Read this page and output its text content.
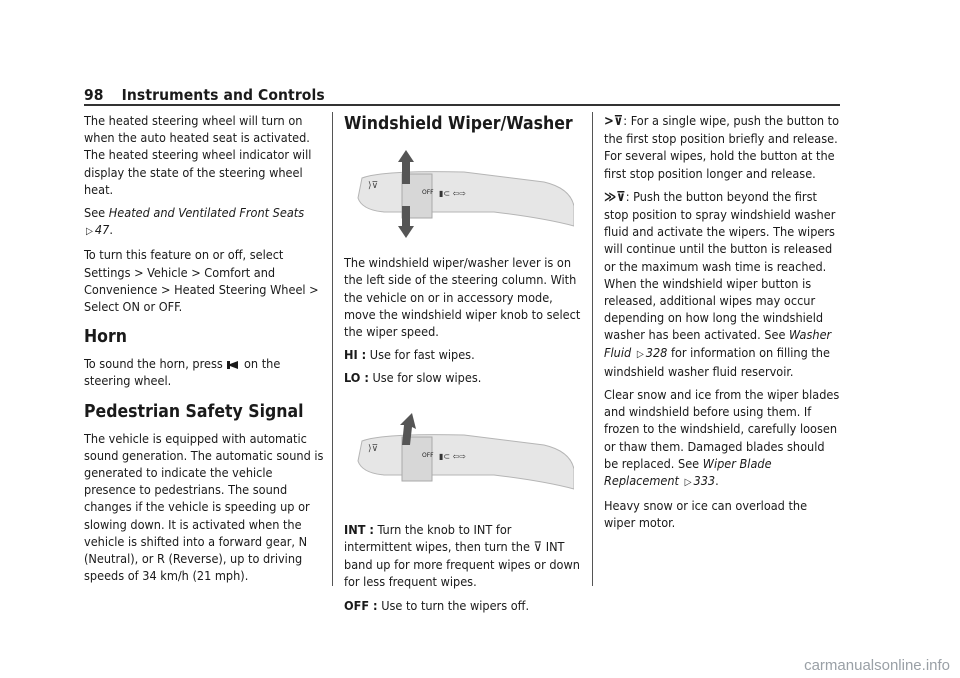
98 Instruments and Controls

The heated steering wheel will turn on when the auto heated seat is activated. The heated steering wheel indicator will display the state of the steering wheel heat.

See Heated and Ventilated Front Seats ▷ 47.

To turn this feature on or off, select Settings > Vehicle > Comfort and Convenience > Heated Steering Wheel > Select ON or OFF.

Horn

To sound the horn, press on the steering wheel.

Pedestrian Safety Signal

The vehicle is equipped with automatic sound generation. The automatic sound is generated to indicate the vehicle presence to pedestrians. The sound changes if the vehicle is speeding up or slowing down. It is activated when the vehicle is shifted into a forward gear, N (Neutral), or R (Reverse), up to driving speeds of 34 km/h (21 mph).

Windshield Wiper/Washer
OFF ▮⊂ ⇦⇨
⟩⊽

The windshield wiper/washer lever is on the left side of the steering column. With the vehicle on or in accessory mode, move the windshield wiper knob to select the wiper speed.

HI : Use for fast wipes.

LO : Use for slow wipes.

OFF ▮⊂ ⇦⇨
⟩⊽

INT : Turn the knob to INT for intermittent wipes, then turn the ⊽ INT band up for more frequent wipes or down for less frequent wipes.

OFF : Use to turn the wipers off.

>⊽: For a single wipe, push the button to the first stop position briefly and release. For several wipes, hold the button at the first stop position longer and release.

≫⊽: Push the button beyond the first stop position to spray windshield washer fluid and activate the wipers. The wipers will continue until the button is released or the maximum wash time is reached. When the windshield wiper button is released, additional wipes may occur depending on how long the windshield washer has been activated. See Washer Fluid ▷ 328 for information on filling the windshield washer fluid reservoir.

Clear snow and ice from the wiper blades and windshield before using them. If frozen to the windshield, carefully loosen or thaw them. Damaged blades should be replaced. See Wiper Blade Replacement ▷ 333.

Heavy snow or ice can overload the wiper motor.

carmanualsonline.info
